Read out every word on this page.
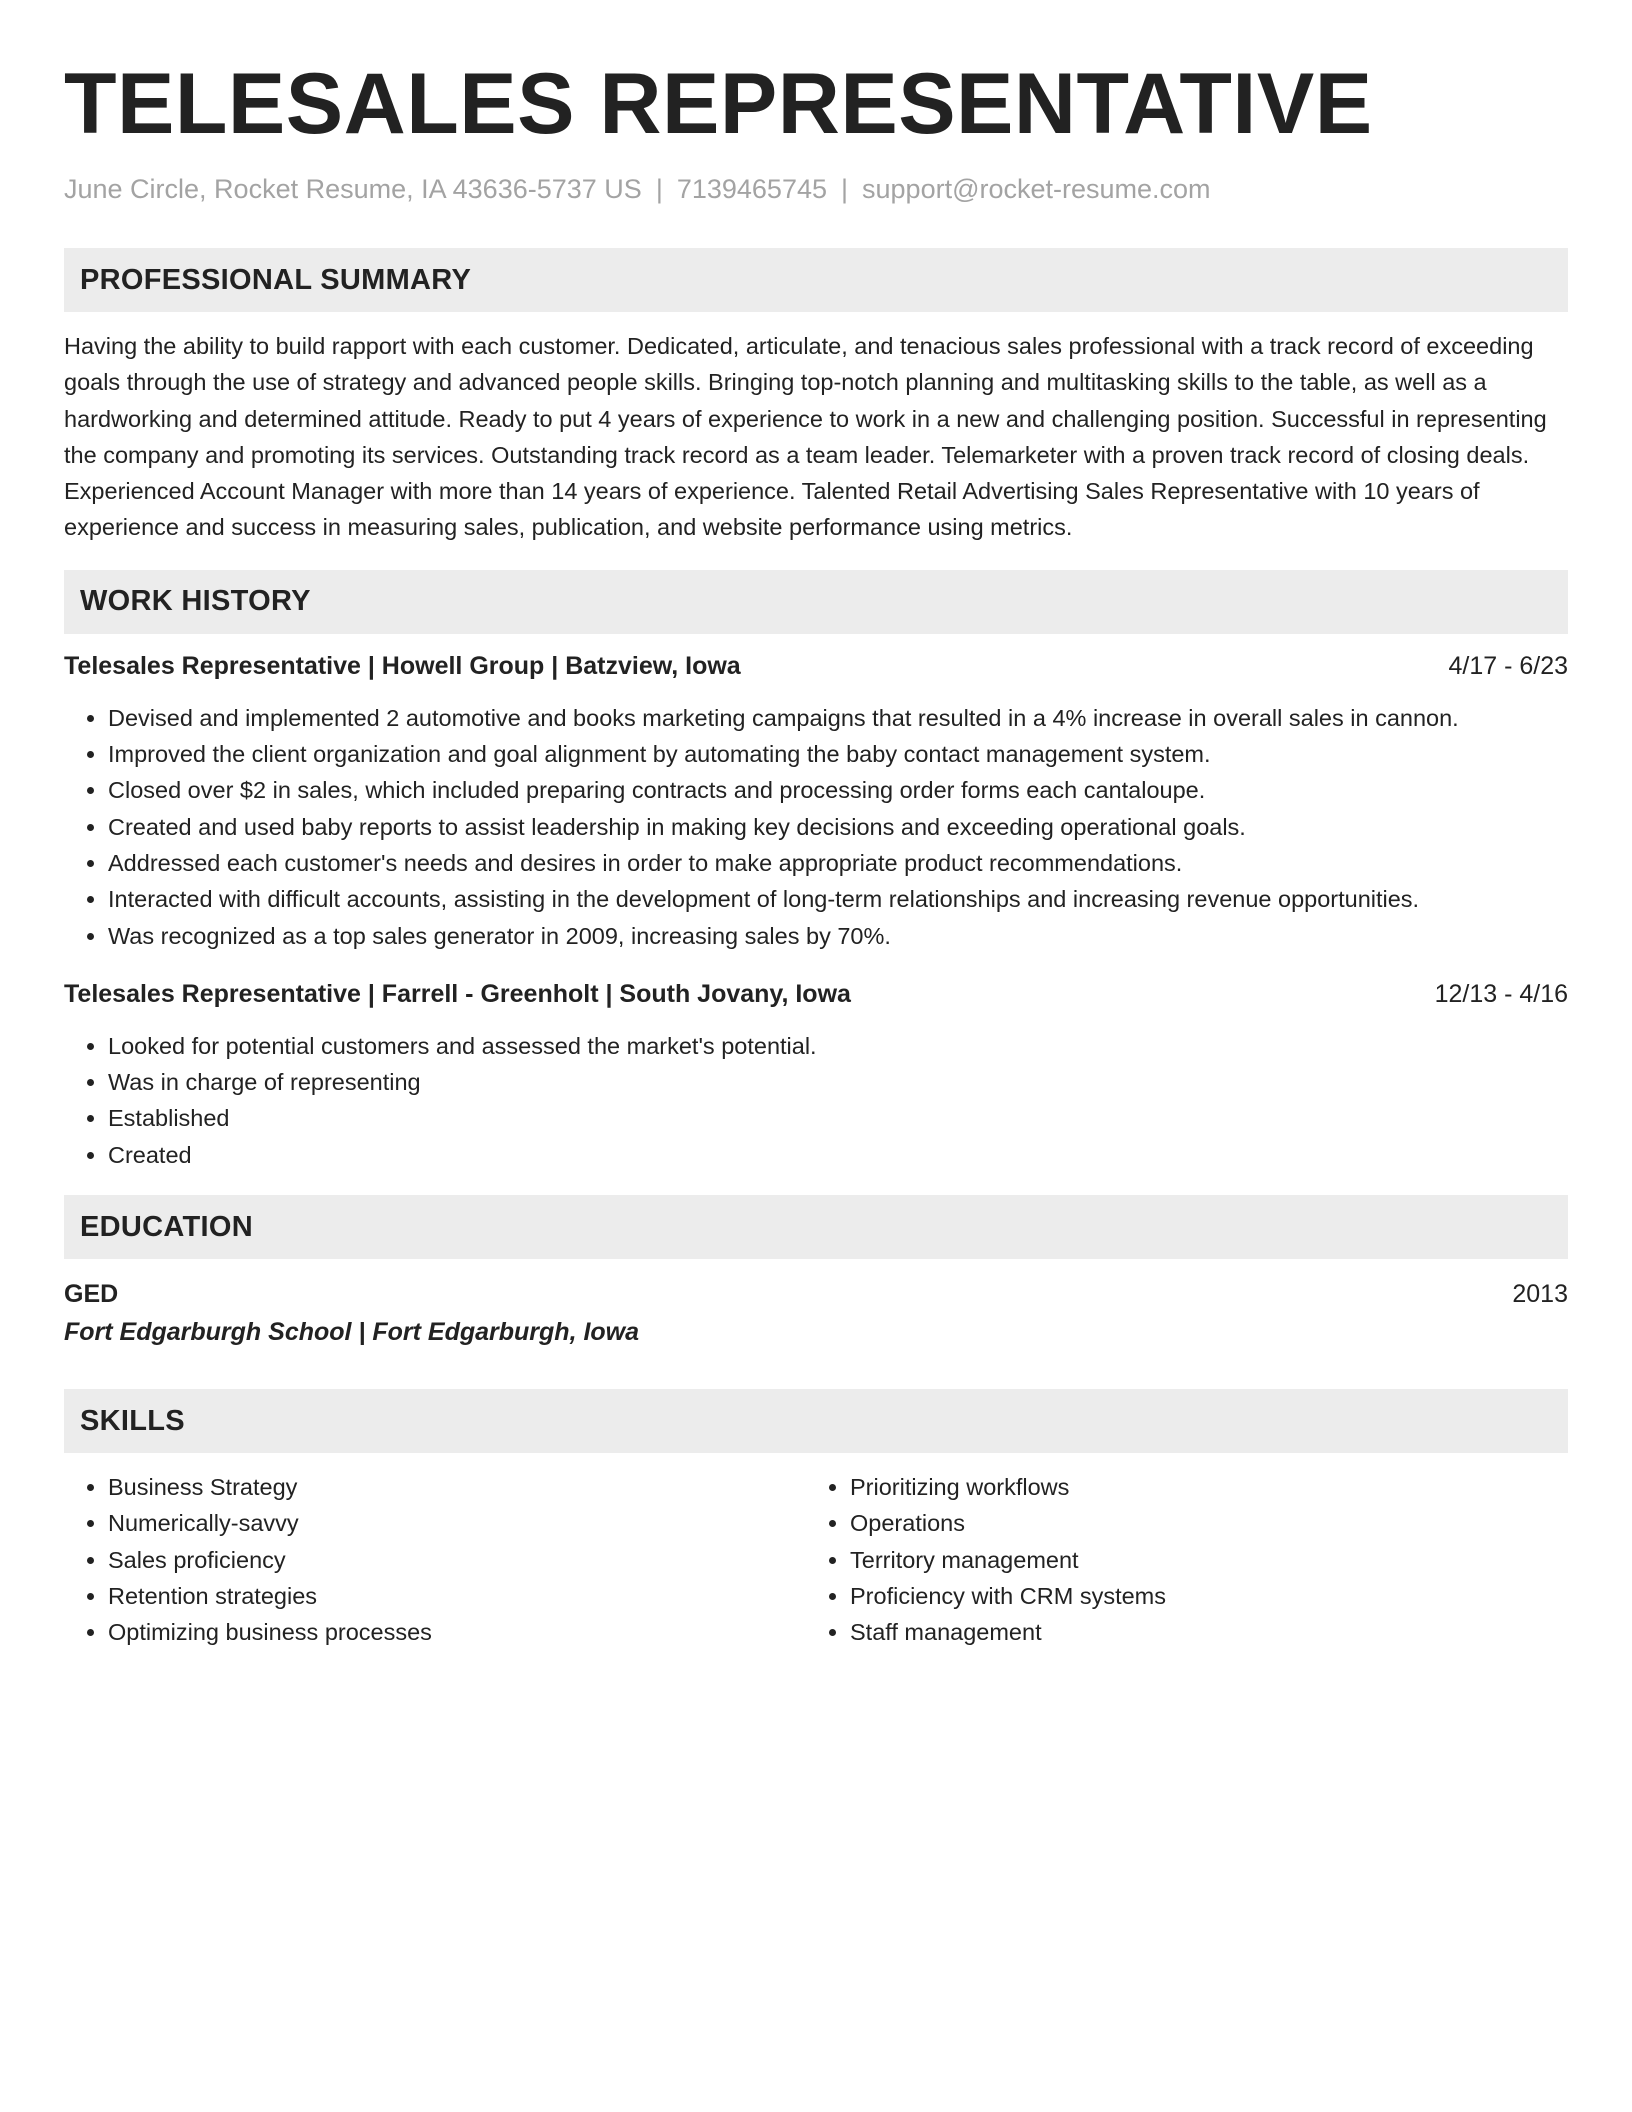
TELESALES REPRESENTATIVE
June Circle, Rocket Resume, IA 43636-5737 US | 7139465745 | support@rocket-resume.com
PROFESSIONAL SUMMARY

Having the ability to build rapport with each customer. Dedicated, articulate, and tenacious sales professional with a track record of exceeding goals through the use of strategy and advanced people skills. Bringing top-notch planning and multitasking skills to the table, as well as a hardworking and determined attitude. Ready to put 4 years of experience to work in a new and challenging position. Successful in representing the company and promoting its services. Outstanding track record as a team leader. Telemarketer with a proven track record of closing deals. Experienced Account Manager with more than 14 years of experience. Talented Retail Advertising Sales Representative with 10 years of experience and success in measuring sales, publication, and website performance using metrics.

WORK HISTORY
Telesales Representative | Howell Group | Batzview, Iowa	4/17 - 6/23
• Devised and implemented 2 automotive and books marketing campaigns that resulted in a 4% increase in overall sales in cannon.
• Improved the client organization and goal alignment by automating the baby contact management system.
• Closed over $2 in sales, which included preparing contracts and processing order forms each cantaloupe.
• Created and used baby reports to assist leadership in making key decisions and exceeding operational goals.
• Addressed each customer's needs and desires in order to make appropriate product recommendations.
• Interacted with difficult accounts, assisting in the development of long-term relationships and increasing revenue opportunities.
• Was recognized as a top sales generator in 2009, increasing sales by 70%.
Telesales Representative | Farrell - Greenholt | South Jovany, Iowa	12/13 - 4/16
• Looked for potential customers and assessed the market's potential.
• Was in charge of representing
• Established
• Created
EDUCATION
GED	2013
Fort Edgarburgh School | Fort Edgarburgh, Iowa
SKILLS
• Business Strategy
• Numerically-savvy
• Sales proficiency
• Retention strategies
• Optimizing business processes
• Prioritizing workflows
• Operations
• Territory management
• Proficiency with CRM systems
• Staff management
